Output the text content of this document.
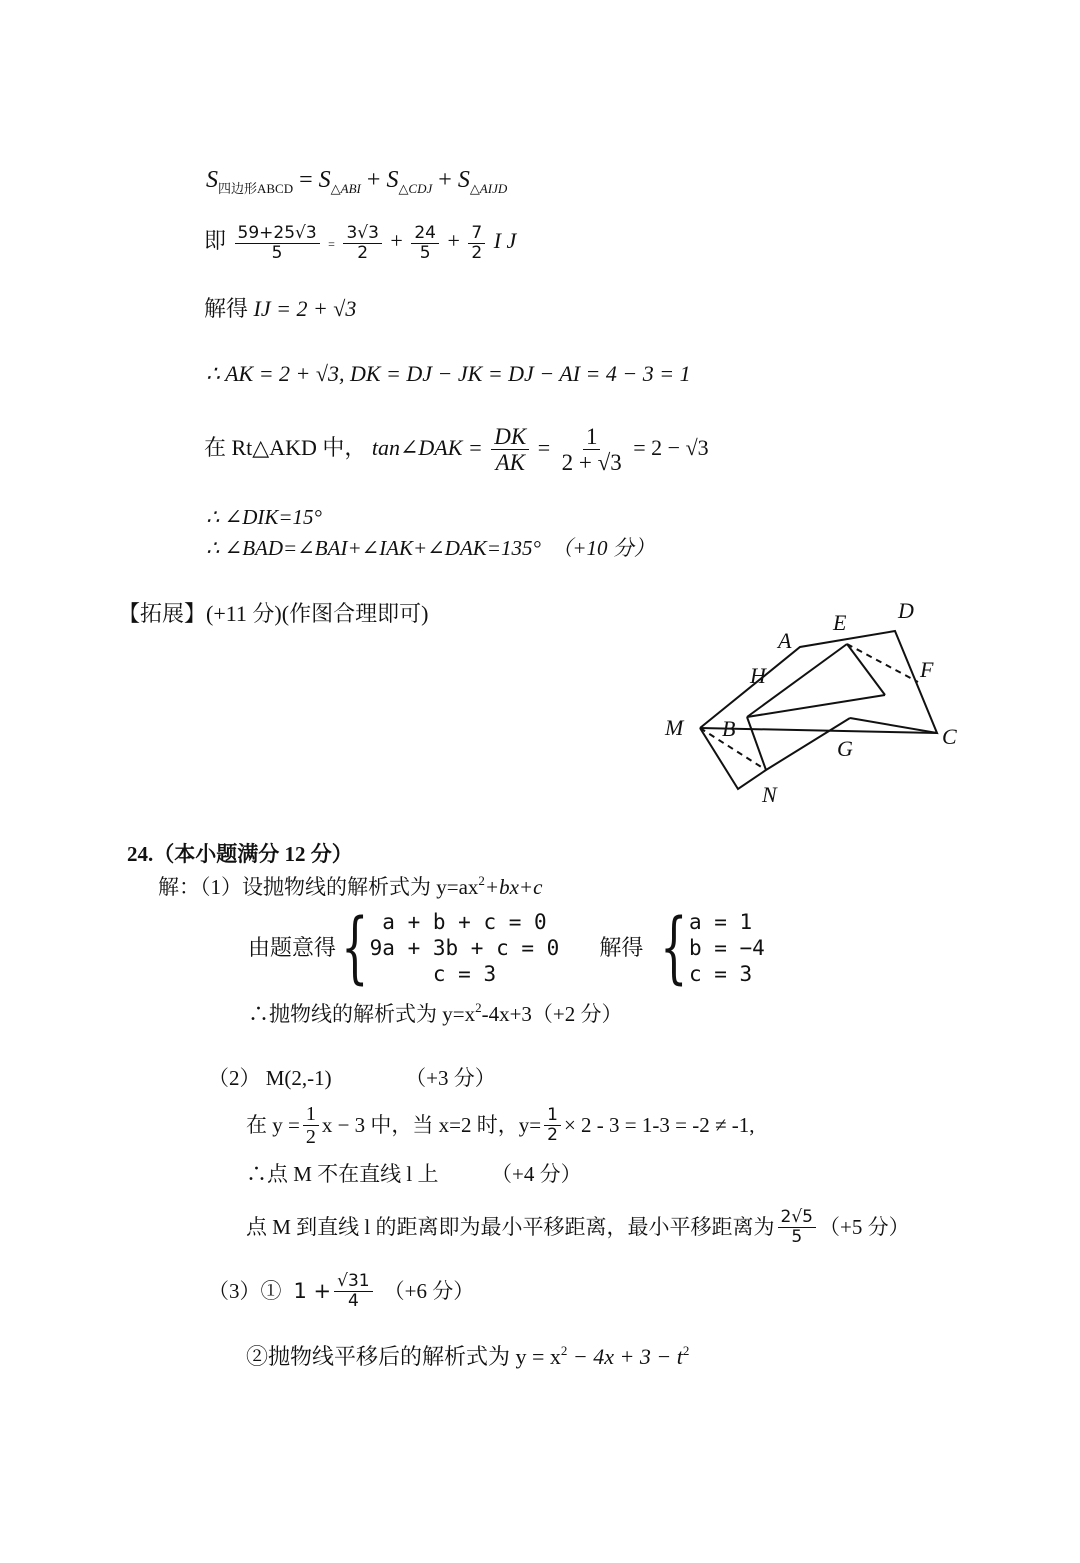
$S_{四边形ABCD} = S_{\triangle ABI} + S_{\triangle CDJ} + S_{\triangle AIJD}$
即 $\frac{59+25√3}{5} = \frac{3√3}{2} + \frac{24}{5} + \frac{7}{2}$ I J
解得 IJ = 2 + √3
∴ AK = 2 + √3, DK = DJ − JK = DJ − AI = 4 − 3 = 1
在 Rt△AKD 中， tan∠DAK = $\frac{DK}{AK} = \frac{1}{2 + √3} = 2 - √3$
∴ ∠DIK=15°
∴ ∠BAD=∠BAI+∠IAK+∠DAK=135°　（+10 分）
【拓展】(+11 分)(作图合理即可)
A
B	C
D
E
F
G
H
M
N
24.（本小题满分 12 分）
解：（1）设抛物线的解析式为 $y=ax^2+bx+c$
由题意得 { a + b + c = 0
9a + 3b + c = 0
c = 3
解得 { a = 1
b = −4
c = 3
∴抛物线的解析式为 $y=x^2-4x+3(+2$ 分）
（2） M(2,-1)　　　　（+3 分）
在 $y = \frac{1}{2}$ x − 3 中，当 x=2 时，$y= \frac{1}{2} \times 2 - 3 = 1-3 = -2 \ne -1$,
∴点 M 不在直线 l 上　　　（+4 分）
点 M 到直线 l 的距离即为最小平移距离，最小平移距离为 $\frac{2√5}{5} (+5$ 分）
（3）① $1 + \frac{√31}{4} (+6$ 分）
②抛物线平移后的解析式为 $y = x^2 - 4x + 3 - t^2$
